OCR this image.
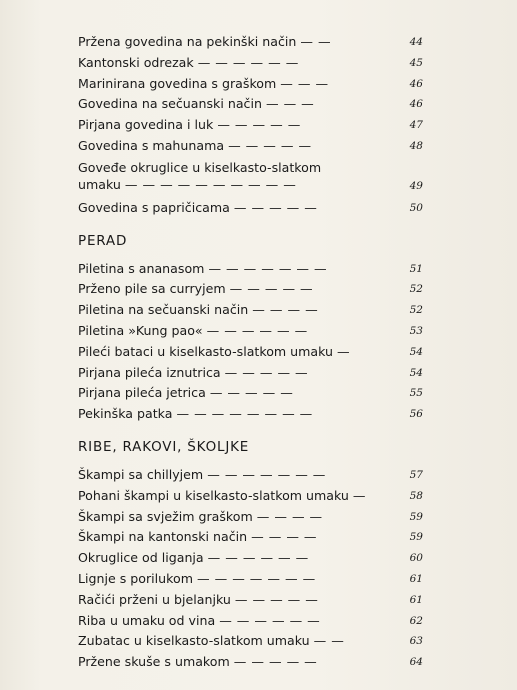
Pržena govedina na pekinški način — —	44
Kantonski odrezak — — — — — —	45
Marinirana govedina s graškom — — —	46
Govedina na sečuanski način — — —	46
Pirjana govedina i luk — — — — —	47
Govedina s mahunama — — — — —	48
Goveđe okruglice u kiselkasto-slatkom
umaku — — — — — — — — — —	49
Govedina s papričicama — — — — —	50
PERAD
Piletina s ananasom — — — — — — —	51
Prženo pile sa curryjem — — — — —	52
Piletina na sečuanski način — — — —	52
Piletina »Kung pao« — — — — — —	53
Pileći bataci u kiselkasto-slatkom umaku —	54
Pirjana pileća iznutrica — — — — —	54
Pirjana pileća jetrica — — — — —	55
Pekinška patka — — — — — — — —	56
RIBE, RAKOVI, ŠKOLJKE
Škampi sa chillyjem — — — — — — —	57
Pohani škampi u kiselkasto-slatkom umaku —	58
Škampi sa svježim graškom — — — —	59
Škampi na kantonski način — — — —	59
Okruglice od liganja — — — — — —	60
Lignje s porilukom — — — — — — —	61
Račići prženi u bjelanjku — — — — —	61
Riba u umaku od vina — — — — — —	62
Zubatac u kiselkasto-slatkom umaku — —	63
Pržene skuše s umakom — — — — —	64
